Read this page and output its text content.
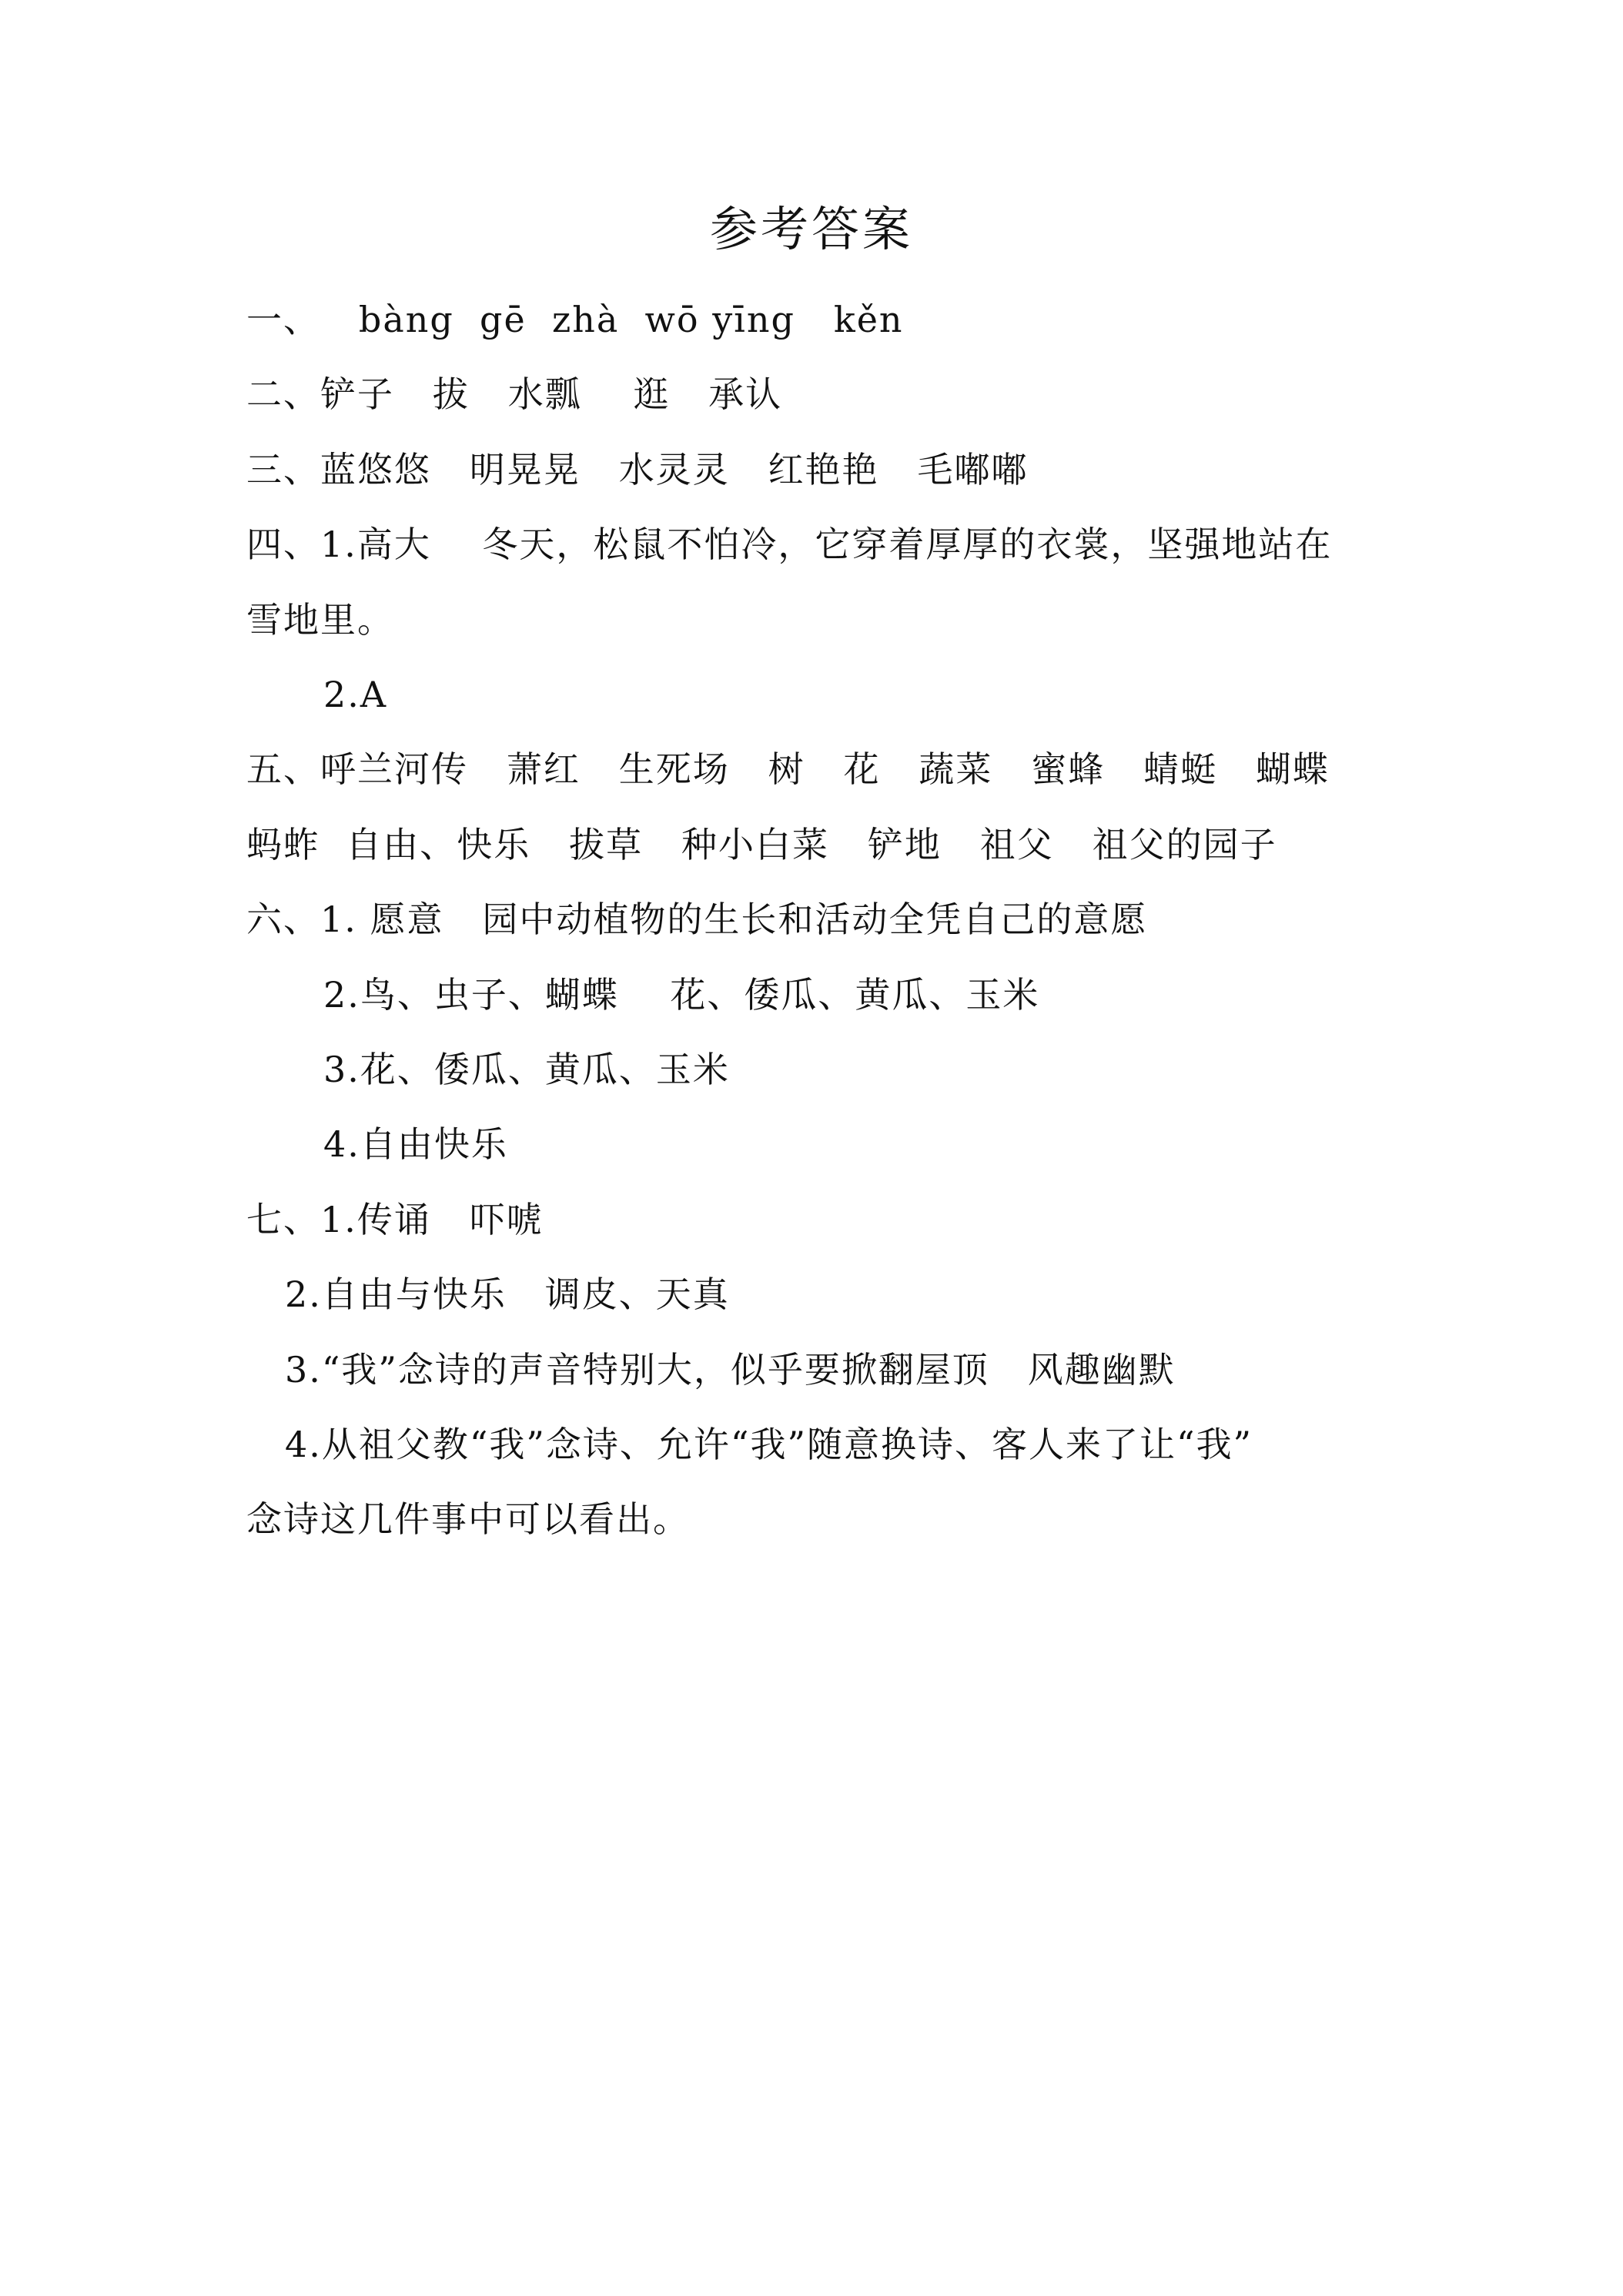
参考答案
一、   bàng  gē  zhà  wō yīng   kěn
二、铲子   拔   水瓢    逛   承认
三、蓝悠悠   明晃晃   水灵灵   红艳艳   毛嘟嘟
四、1.高大    冬天，松鼠不怕冷，它穿着厚厚的衣裳，坚强地站在
雪地里。
2.A
五、呼兰河传   萧红   生死场   树   花   蔬菜   蜜蜂   蜻蜓   蝴蝶
蚂蚱  自由、快乐   拔草   种小白菜   铲地   祖父   祖父的园子
六、1. 愿意   园中动植物的生长和活动全凭自己的意愿
2.鸟、虫子、蝴蝶    花、倭瓜、黄瓜、玉米
3.花、倭瓜、黄瓜、玉米
4.自由快乐
七、1.传诵   吓唬
2.自由与快乐   调皮、天真
3.“我”念诗的声音特别大，似乎要掀翻屋顶   风趣幽默
4.从祖父教“我”念诗、允许“我”随意换诗、客人来了让“我”
念诗这几件事中可以看出。
